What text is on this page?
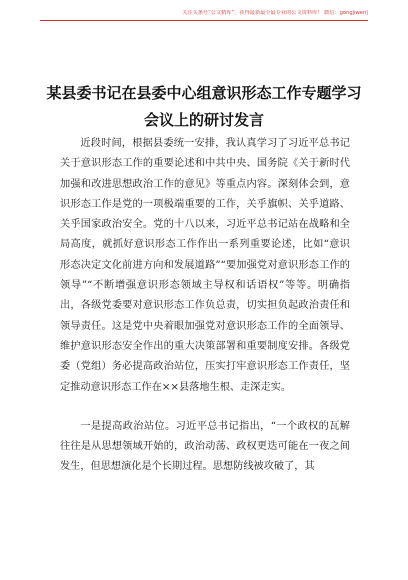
关注头条号“公文精库”，获得最新最全最专业的公文资料库！ 微信：gongjiwen|
某县委书记在县委中心组意识形态工作专题学习会议上的研讨发言

近段时间，根据县委统一安排，我认真学习了习近平总书记关于意识形态工作的重要论述和中共中央、国务院《关于新时代加强和改进思想政治工作的意见》等重点内容。深刻体会到，意识形态工作是党的一项极端重要的工作，关乎旗帜、关乎道路、关乎国家政治安全。党的十八以来，习近平总书记站在战略和全局高度，就抓好意识形态工作作出一系列重要论述，比如“意识形态决定文化前进方向和发展道路”“要加强党对意识形态工作的领导”“不断增强意识形态领域主导权和话语权”等等。明确指出，各级党委要对意识形态工作负总责，切实担负起政治责任和领导责任。这是党中央着眼加强党对意识形态工作的全面领导、维护意识形态安全作出的重大决策部署和重要制度安排。各级党委（党组）务必提高政治站位，压实打牢意识形态工作责任，坚定推动意识形态工作在××县落地生根、走深走实。

一是提高政治站位。习近平总书记指出，“一个政权的瓦解往往是从思想领域开始的，政治动荡、政权更迭可能在一夜之间发生，但思想演化是个长期过程。思想防线被攻破了，其
